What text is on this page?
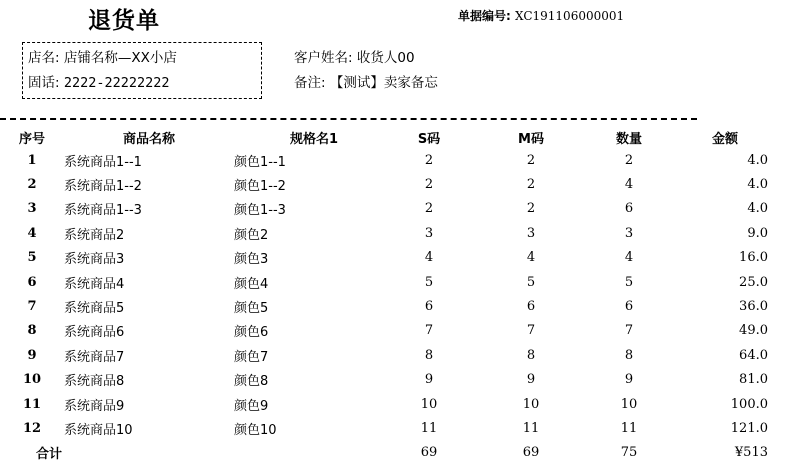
退货单	单据编号: XC191106000001
店名: 店铺名称—XX小店
固话: 2222-22222222
客户姓名: 收货人00
备注: 【测试】卖家备忘
序号	商品名称	规格名1	S码	M码	数量	金额
1	系统商品1--1	颜色1--1	2	2	2	4.0
2	系统商品1--2	颜色1--2	2	2	4	4.0
3	系统商品1--3	颜色1--3	2	2	6	4.0
4	系统商品2	颜色2	3	3	3	9.0
5	系统商品3	颜色3	4	4	4	16.0
6	系统商品4	颜色4	5	5	5	25.0
7	系统商品5	颜色5	6	6	6	36.0
8	系统商品6	颜色6	7	7	7	49.0
9	系统商品7	颜色7	8	8	8	64.0
10	系统商品8	颜色8	9	9	9	81.0
11	系统商品9	颜色9	10	10	10	100.0
12	系统商品10	颜色10	11	11	11	121.0
合计			69	69	75	¥513
